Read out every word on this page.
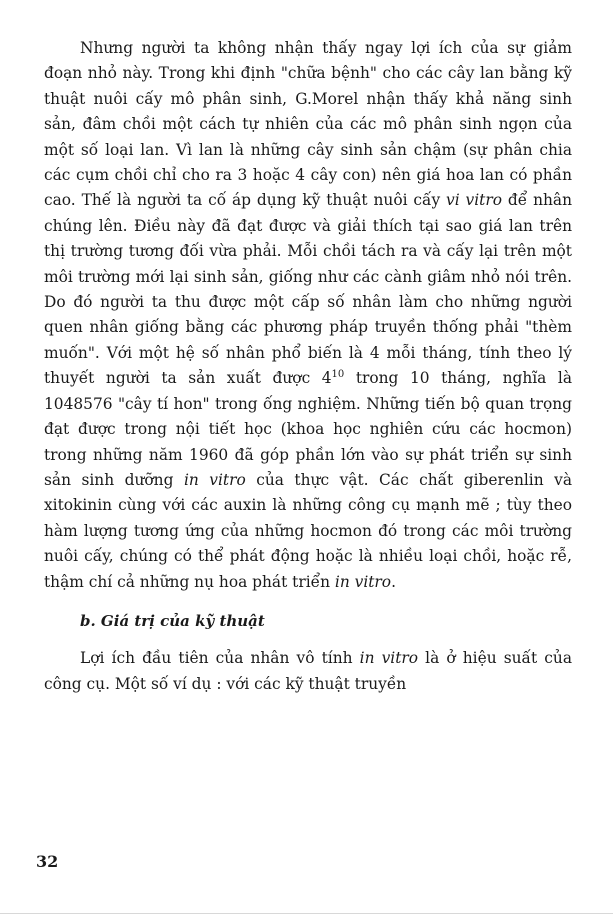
Nhưng người ta không nhận thấy ngay lợi ích của sự giảm đoạn nhỏ này. Trong khi định "chữa bệnh" cho các cây lan bằng kỹ thuật nuôi cấy mô phân sinh, G.Morel nhận thấy khả năng sinh sản, đâm chồi một cách tự nhiên của các mô phân sinh ngọn của một số loại lan. Vì lan là những cây sinh sản chậm (sự phân chia các cụm chồi chỉ cho ra 3 hoặc 4 cây con) nên giá hoa lan có phần cao. Thế là người ta cố áp dụng kỹ thuật nuôi cấy vi vitro để nhân chúng lên. Điều này đã đạt được và giải thích tại sao giá lan trên thị trường tương đối vừa phải. Mỗi chồi tách ra và cấy lại trên một môi trường mới lại sinh sản, giống như các cành giâm nhỏ nói trên. Do đó người ta thu được một cấp số nhân làm cho những người quen nhân giống bằng các phương pháp truyền thống phải "thèm muốn". Với một hệ số nhân phổ biến là 4 mỗi tháng, tính theo lý thuyết người ta sản xuất được $4^{10}$ trong 10 tháng, nghĩa là 1048576 "cây tí hon" trong ống nghiệm. Những tiến bộ quan trọng đạt được trong nội tiết học (khoa học nghiên cứu các hocmon) trong những năm 1960 đã góp phần lớn vào sự phát triển sự sinh sản sinh dưỡng in vitro của thực vật. Các chất giberenlin và xitokinin cùng với các auxin là những công cụ mạnh mẽ ; tùy theo hàm lượng tương ứng của những hocmon đó trong các môi trường nuôi cấy, chúng có thể phát động hoặc là nhiều loại chồi, hoặc rễ, thậm chí cả những nụ hoa phát triển in vitro.

b. Giá trị của kỹ thuật

Lợi ích đầu tiên của nhân vô tính in vitro là ở hiệu suất của công cụ. Một số ví dụ : với các kỹ thuật truyền

32
